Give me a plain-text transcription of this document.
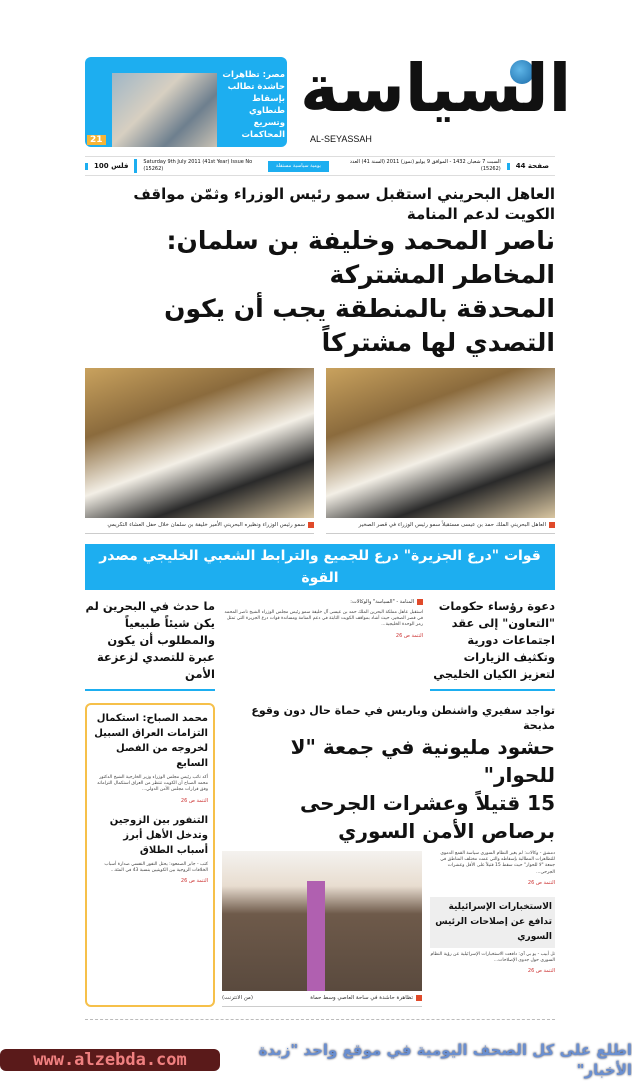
مصر: تظاهرات حاشدة تطالب بإسقاط طنطاوي وتسريع المحاكمات
21
السياسة
AL-SEYASSAH
100 فلس	Saturday 9th July 2011 (41st Year) Issue No (15262)
يومية سياسية مستقلة
السبت 7 شعبان 1432 - الموافق 9 يوليو (تموز) 2011 (السنة 41) العدد (15262)	44 صفحة
العاهل البحريني استقبل سمو رئيس الوزراء وثمّن مواقف الكويت لدعم المنامة
ناصر المحمد وخليفة بن سلمان: المخاطر المشتركة
المحدقة بالمنطقة يجب أن يكون التصدي لها مشتركاً
سمو رئيس الوزراء ونظيره البحريني الأمير خليفة بن سلمان خلال حفل العشاء التكريمي	العاهل البحريني الملك حمد بن عيسى مستقبلاً سمو رئيس الوزراء في قصر الصخير
قوات "درع الجزيرة" درع للجميع والترابط الشعبي الخليجي مصدر القوة
ما حدث في البحرين لم يكن شيئاً طبيعياً والمطلوب أن يكون عبرة للتصدي لزعزعة الأمن
المنامة - "السياسة" والوكالات:
استقبل عاهل مملكة البحرين الملك حمد بن عيسى آل خليفة سمو رئيس مجلس الوزراء الشيخ ناصر المحمد في قصر الصخير، حيث أشاد بمواقف الكويت الثابتة في دعم المنامة ومساندة قوات درع الجزيرة التي تمثل رمز الوحدة الخليجية...
التتمة ص 26
دعوة رؤساء حكومات "التعاون" إلى عقد اجتماعات دورية وتكثيف الزيارات لتعزيز الكيان الخليجي
محمد الصباح: استكمال التزامات العراق السبيل لخروجه من الفصل السابع
أكد نائب رئيس مجلس الوزراء وزير الخارجية الشيخ الدكتور محمد الصباح أن الكويت تنتظر من العراق استكمال التزاماته وفق قرارات مجلس الأمن الدولي...
التتمة ص 26
التنفور بين الزوجين وتدخل الأهل أبرز أسباب الطلاق
كتب - جابر الصمعود: يحتل النفور النفسي صدارة أسباب الخلافات الزوجية بين الكويتيين بنسبة 43 في المئة...
التتمة ص 26
تواجد سفيري واشنطن وباريس في حماة حال دون وقوع مذبحة
حشود مليونية في جمعة "لا للحوار"
15 قتيلاً وعشرات الجرحى برصاص الأمن السوري
(من الانترنت)	تظاهرة حاشدة في ساحة العاصي وسط حماة
دمشق - وكالات: لم يغير النظام السوري سياسة القمع الدموي للتظاهرات المطالبة بإسقاطه والتي عمت مختلف المناطق في جمعة "لا للحوار" حيث سقط 15 قتيلاً على الأقل وعشرات الجرحى...
التتمة ص 26
الاستخبارات الإسرائيلية تدافع عن إصلاحات الرئيس السوري
تل أبيب - يو بي آي: دافعت الاستخبارات الإسرائيلية عن رؤية النظام السوري حول جدوى الإصلاحات...
التتمة ص 26
www.alzebda.com	اطلع على كل الصحف اليومية في موقع واحد "زبدة الأخبار"
